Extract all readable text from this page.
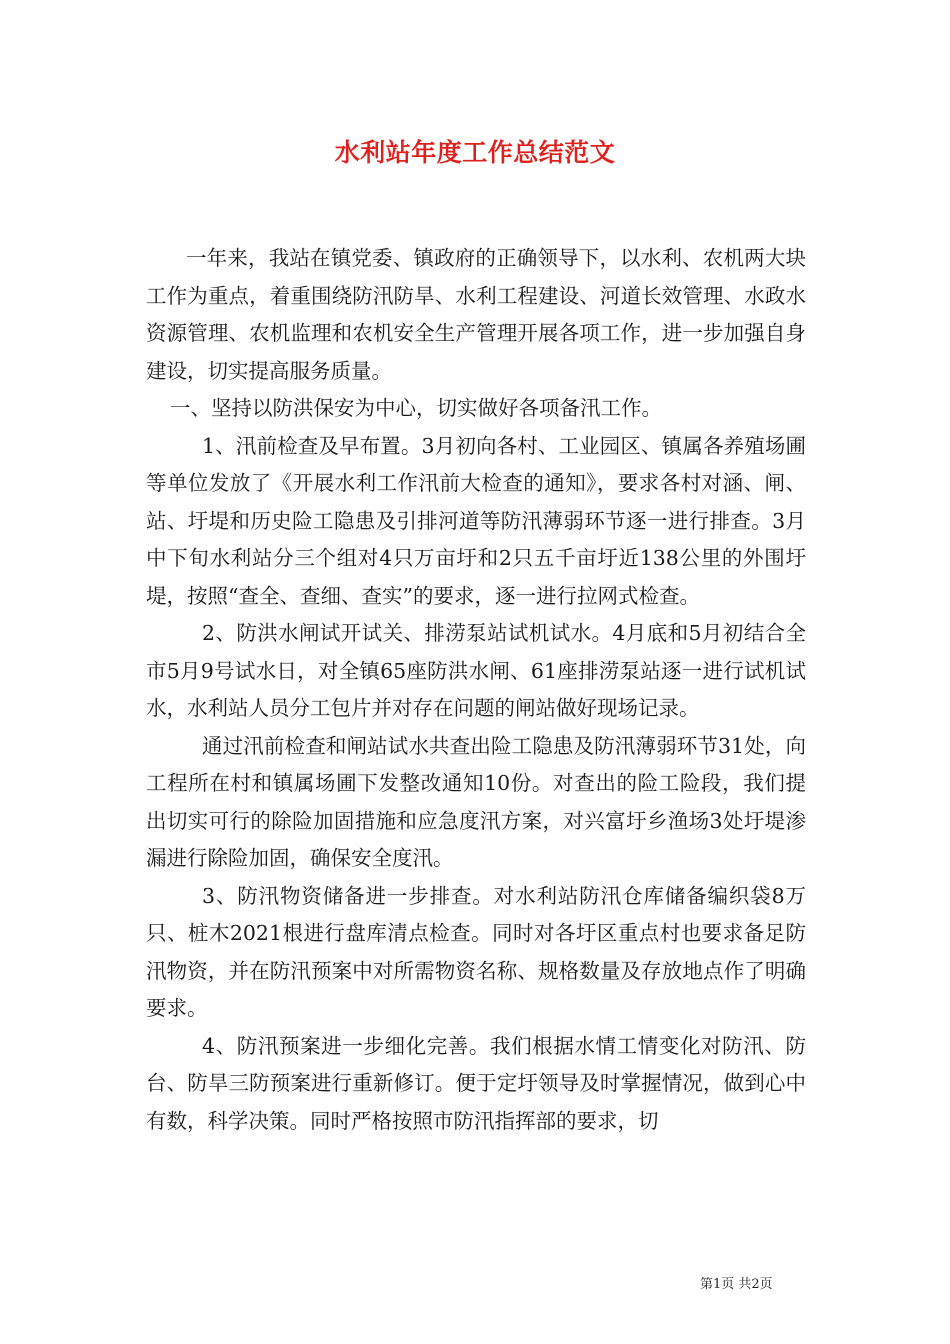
水利站年度工作总结范文

一年来，我站在镇党委、镇政府的正确领导下，以水利、农机两大块工作为重点，着重围绕防汛防旱、水利工程建设、河道长效管理、水政水资源管理、农机监理和农机安全生产管理开展各项工作，进一步加强自身建设，切实提高服务质量。

一、坚持以防洪保安为中心，切实做好各项备汛工作。

1、汛前检查及早布置。3月初向各村、工业园区、镇属各养殖场圃等单位发放了《开展水利工作汛前大检查的通知》，要求各村对涵、闸、站、圩堤和历史险工隐患及引排河道等防汛薄弱环节逐一进行排查。3月中下旬水利站分三个组对4只万亩圩和2只五千亩圩近138公里的外围圩堤，按照“查全、查细、查实”的要求，逐一进行拉网式检查。

2、防洪水闸试开试关、排涝泵站试机试水。4月底和5月初结合全市5月9号试水日，对全镇65座防洪水闸、61座排涝泵站逐一进行试机试水，水利站人员分工包片并对存在问题的闸站做好现场记录。

通过汛前检查和闸站试水共查出险工隐患及防汛薄弱环节31处，向工程所在村和镇属场圃下发整改通知10份。对查出的险工险段，我们提出切实可行的除险加固措施和应急度汛方案，对兴富圩乡渔场3处圩堤渗漏进行除险加固，确保安全度汛。

3、防汛物资储备进一步排查。对水利站防汛仓库储备编织袋8万只、桩木2021根进行盘库清点检查。同时对各圩区重点村也要求备足防汛物资，并在防汛预案中对所需物资名称、规格数量及存放地点作了明确要求。

4、防汛预案进一步细化完善。我们根据水情工情变化对防汛、防台、防旱三防预案进行重新修订。便于定圩领导及时掌握情况，做到心中有数，科学决策。同时严格按照市防汛指挥部的要求，切

第1页 共2页
